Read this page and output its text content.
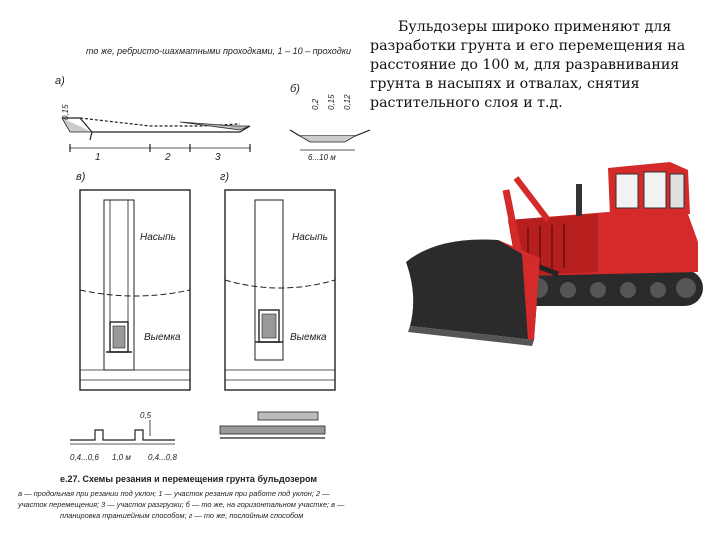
то же, ребристо-шахматными проходками, 1 – 10 – проходки
а)
0,15
1	2	3
б)
0,2 0,15 0,12
6...10 м
в)
Насыпь
Выемка
г)
Насыпь
Выемка
0,5
0,4...0,6 1,0 м 0,4...0,8
е.27. Схемы резания и перемещения грунта бульдозером
а — продольная при резании под уклон; 1 — участок резания при работе под уклон; 2 —
участок перемещения; 3 — участок разгрузки; б — то же, на горизонтальном участке; в —
планировка траншейным способом; г — то же, послойным способом

Бульдозеры широко применяют для разработки грунта и его перемещения на расстояние до 100 м, для разравнивания грунта в насыпях и отвалах, снятия растительного слоя и т.д.
